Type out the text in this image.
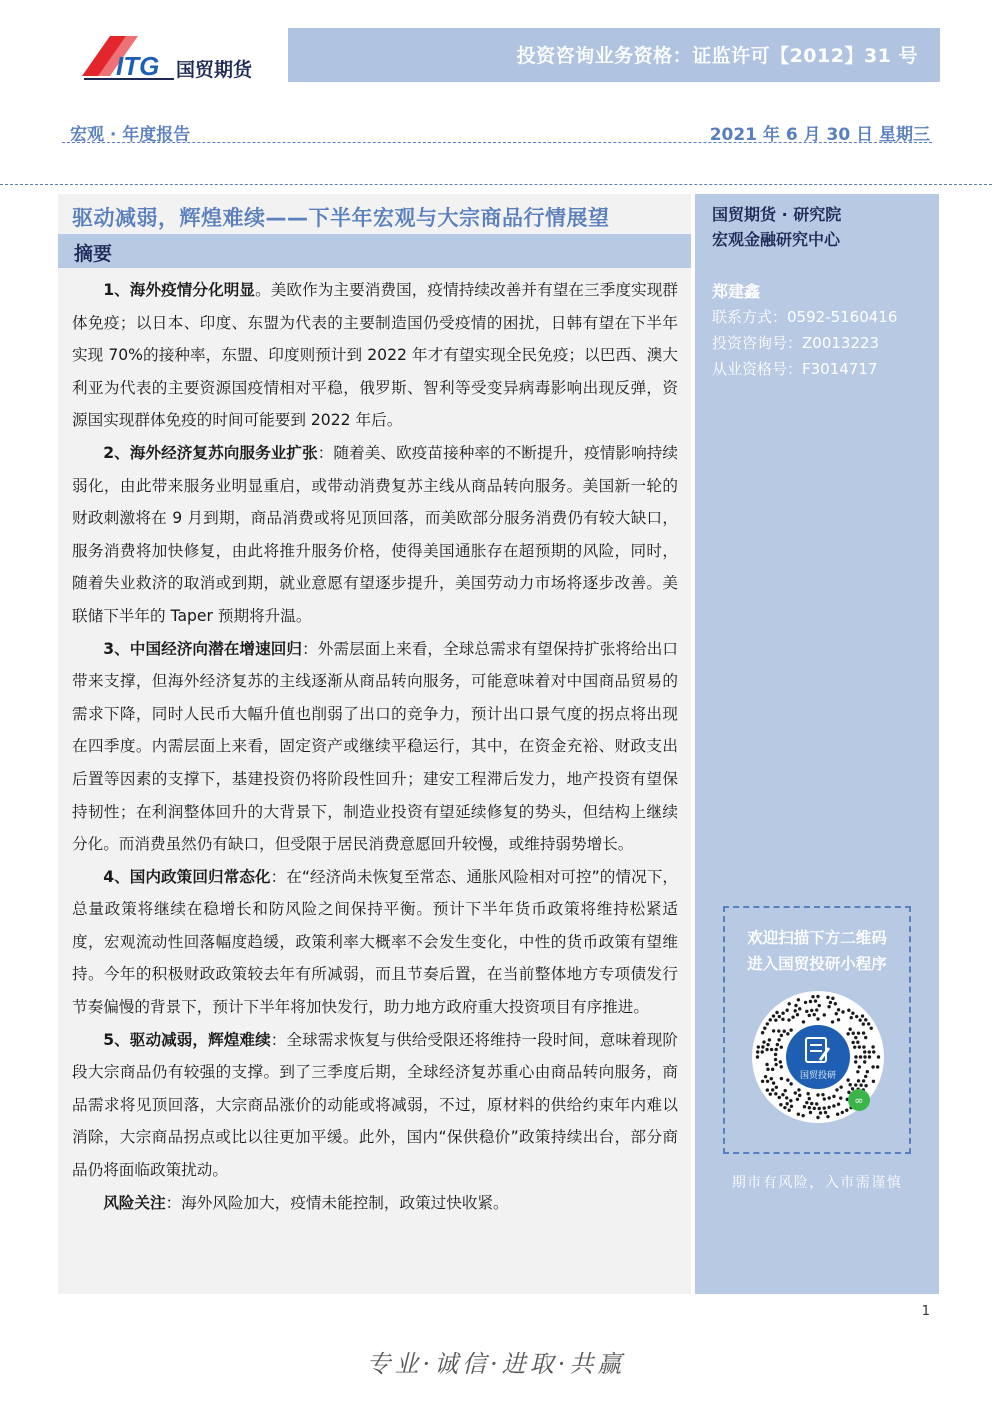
ITG 国贸期货
投资咨询业务资格：证监许可【2012】31 号
宏观 · 年度报告	2021 年 6 月 30 日 星期三
驱动减弱，辉煌难续——下半年宏观与大宗商品行情展望
摘要

1、海外疫情分化明显。美欧作为主要消费国，疫情持续改善并有望在三季度实现群体免疫；以日本、印度、东盟为代表的主要制造国仍受疫情的困扰，日韩有望在下半年实现 70%的接种率，东盟、印度则预计到 2022 年才有望实现全民免疫；以巴西、澳大利亚为代表的主要资源国疫情相对平稳，俄罗斯、智利等受变异病毒影响出现反弹，资源国实现群体免疫的时间可能要到 2022 年后。

2、海外经济复苏向服务业扩张：随着美、欧疫苗接种率的不断提升，疫情影响持续弱化，由此带来服务业明显重启，或带动消费复苏主线从商品转向服务。美国新一轮的财政刺激将在 9 月到期，商品消费或将见顶回落，而美欧部分服务消费仍有较大缺口，服务消费将加快修复，由此将推升服务价格，使得美国通胀存在超预期的风险，同时，随着失业救济的取消或到期，就业意愿有望逐步提升，美国劳动力市场将逐步改善。美联储下半年的 Taper 预期将升温。

3、中国经济向潜在增速回归：外需层面上来看，全球总需求有望保持扩张将给出口带来支撑，但海外经济复苏的主线逐渐从商品转向服务，可能意味着对中国商品贸易的需求下降，同时人民币大幅升值也削弱了出口的竞争力，预计出口景气度的拐点将出现在四季度。内需层面上来看，固定资产或继续平稳运行，其中，在资金充裕、财政支出后置等因素的支撑下，基建投资仍将阶段性回升；建安工程滞后发力，地产投资有望保持韧性；在利润整体回升的大背景下，制造业投资有望延续修复的势头，但结构上继续分化。而消费虽然仍有缺口，但受限于居民消费意愿回升较慢，或维持弱势增长。

4、国内政策回归常态化：在“经济尚未恢复至常态、通胀风险相对可控”的情况下，总量政策将继续在稳增长和防风险之间保持平衡。预计下半年货币政策将维持松紧适度，宏观流动性回落幅度趋缓，政策利率大概率不会发生变化，中性的货币政策有望维持。今年的积极财政政策较去年有所减弱，而且节奏后置，在当前整体地方专项债发行节奏偏慢的背景下，预计下半年将加快发行，助力地方政府重大投资项目有序推进。

5、驱动减弱，辉煌难续：全球需求恢复与供给受限还将维持一段时间，意味着现阶段大宗商品仍有较强的支撑。到了三季度后期，全球经济复苏重心由商品转向服务，商品需求将见顶回落，大宗商品涨价的动能或将减弱，不过，原材料的供给约束年内难以消除，大宗商品拐点或比以往更加平缓。此外，国内“保供稳价”政策持续出台，部分商品仍将面临政策扰动。

风险关注：海外风险加大，疫情未能控制，政策过快收紧。

国贸期货 · 研究院
宏观金融研究中心
郑建鑫
联系方式：0592-5160416
投资咨询号：Z0013223
从业资格号：F3014717
欢迎扫描下方二维码
进入国贸投研小程序
国贸投研
∞
期市有风险，入市需谨慎
1
专业·诚信·进取·共赢
